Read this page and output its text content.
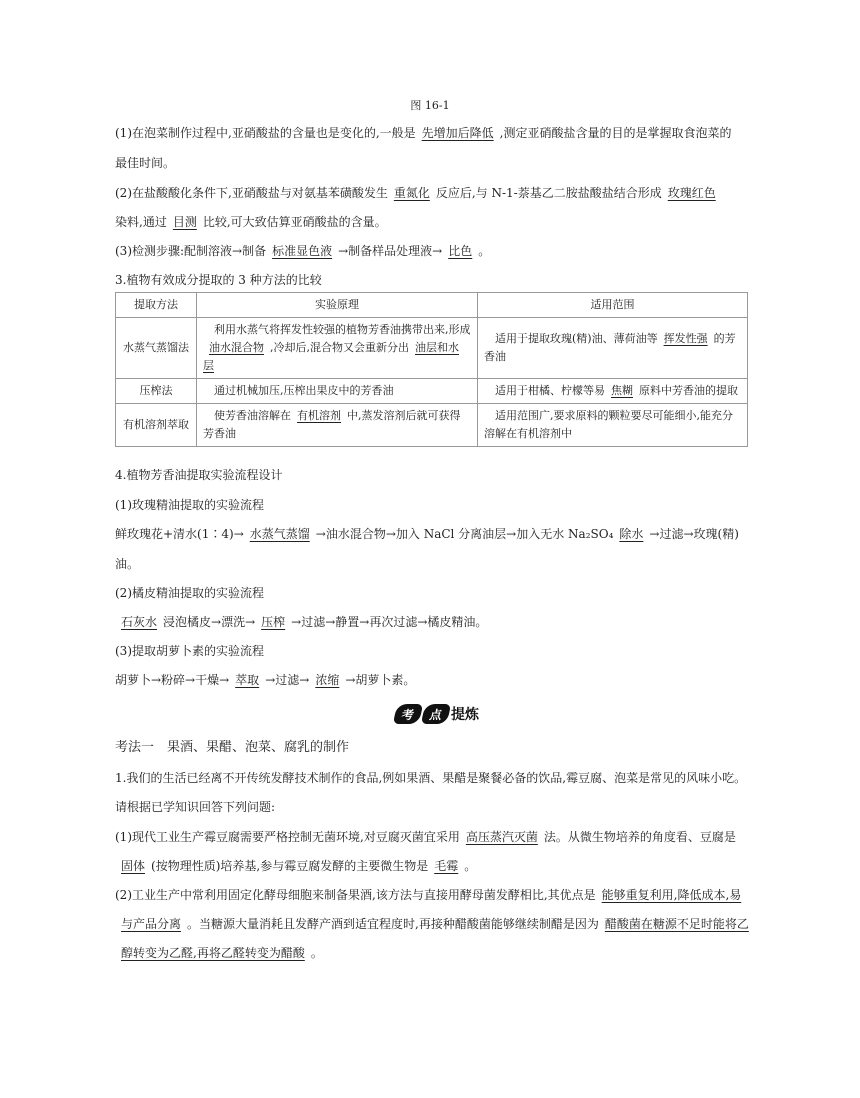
图 16-1
(1)在泡菜制作过程中,亚硝酸盐的含量也是变化的,一般是 先增加后降低 ,测定亚硝酸盐含量的目的是掌握取食泡菜的
最佳时间。
(2)在盐酸酸化条件下,亚硝酸盐与对氨基苯磺酸发生 重氮化 反应后,与 N-1-萘基乙二胺盐酸盐结合形成 玫瑰红色
染料,通过 目测 比较,可大致估算亚硝酸盐的含量。
(3)检测步骤:配制溶液→制备 标准显色液 →制备样品处理液→ 比色 。
3.植物有效成分提取的 3 种方法的比较
提取方法	实验原理	适用范围
水蒸气蒸馏法	 利用水蒸气将挥发性较强的植物芳香油携带出来,形成油水混合物 ,冷却后,混合物又会重新分出 油层和水层	 适用于提取玫瑰(精)油、薄荷油等 挥发性强 的芳香油
压榨法	 通过机械加压,压榨出果皮中的芳香油	 适用于柑橘、柠檬等易 焦糊 原料中芳香油的提取
有机溶剂萃取	 使芳香油溶解在 有机溶剂 中,蒸发溶剂后就可获得芳香油	 适用范围广,要求原料的颗粒要尽可能细小,能充分溶解在有机溶剂中
4.植物芳香油提取实验流程设计
(1)玫瑰精油提取的实验流程
鲜玫瑰花+清水(1∶4)→ 水蒸气蒸馏 →油水混合物→加入 NaCl 分离油层→加入无水 Na₂SO₄ 除水 →过滤→玫瑰(精)
油。
(2)橘皮精油提取的实验流程
石灰水 浸泡橘皮→漂洗→ 压榨 →过滤→静置→再次过滤→橘皮精油。
(3)提取胡萝卜素的实验流程
胡萝卜→粉碎→干燥→ 萃取 →过滤→ 浓缩 →胡萝卜素。
考	点 提炼
考法一　果酒、果醋、泡菜、腐乳的制作
1.我们的生活已经离不开传统发酵技术制作的食品,例如果酒、果醋是聚餐必备的饮品,霉豆腐、泡菜是常见的风味小吃。
请根据已学知识回答下列问题:
(1)现代工业生产霉豆腐需要严格控制无菌环境,对豆腐灭菌宜采用 高压蒸汽灭菌 法。从微生物培养的角度看、豆腐是
固体 (按物理性质)培养基,参与霉豆腐发酵的主要微生物是 毛霉 。
(2)工业生产中常利用固定化酵母细胞来制备果酒,该方法与直接用酵母菌发酵相比,其优点是 能够重复利用,降低成本,易
与产品分离 。当糖源大量消耗且发酵产酒到适宜程度时,再接种醋酸菌能够继续制醋是因为 醋酸菌在糖源不足时能将乙
醇转变为乙醛,再将乙醛转变为醋酸 。
